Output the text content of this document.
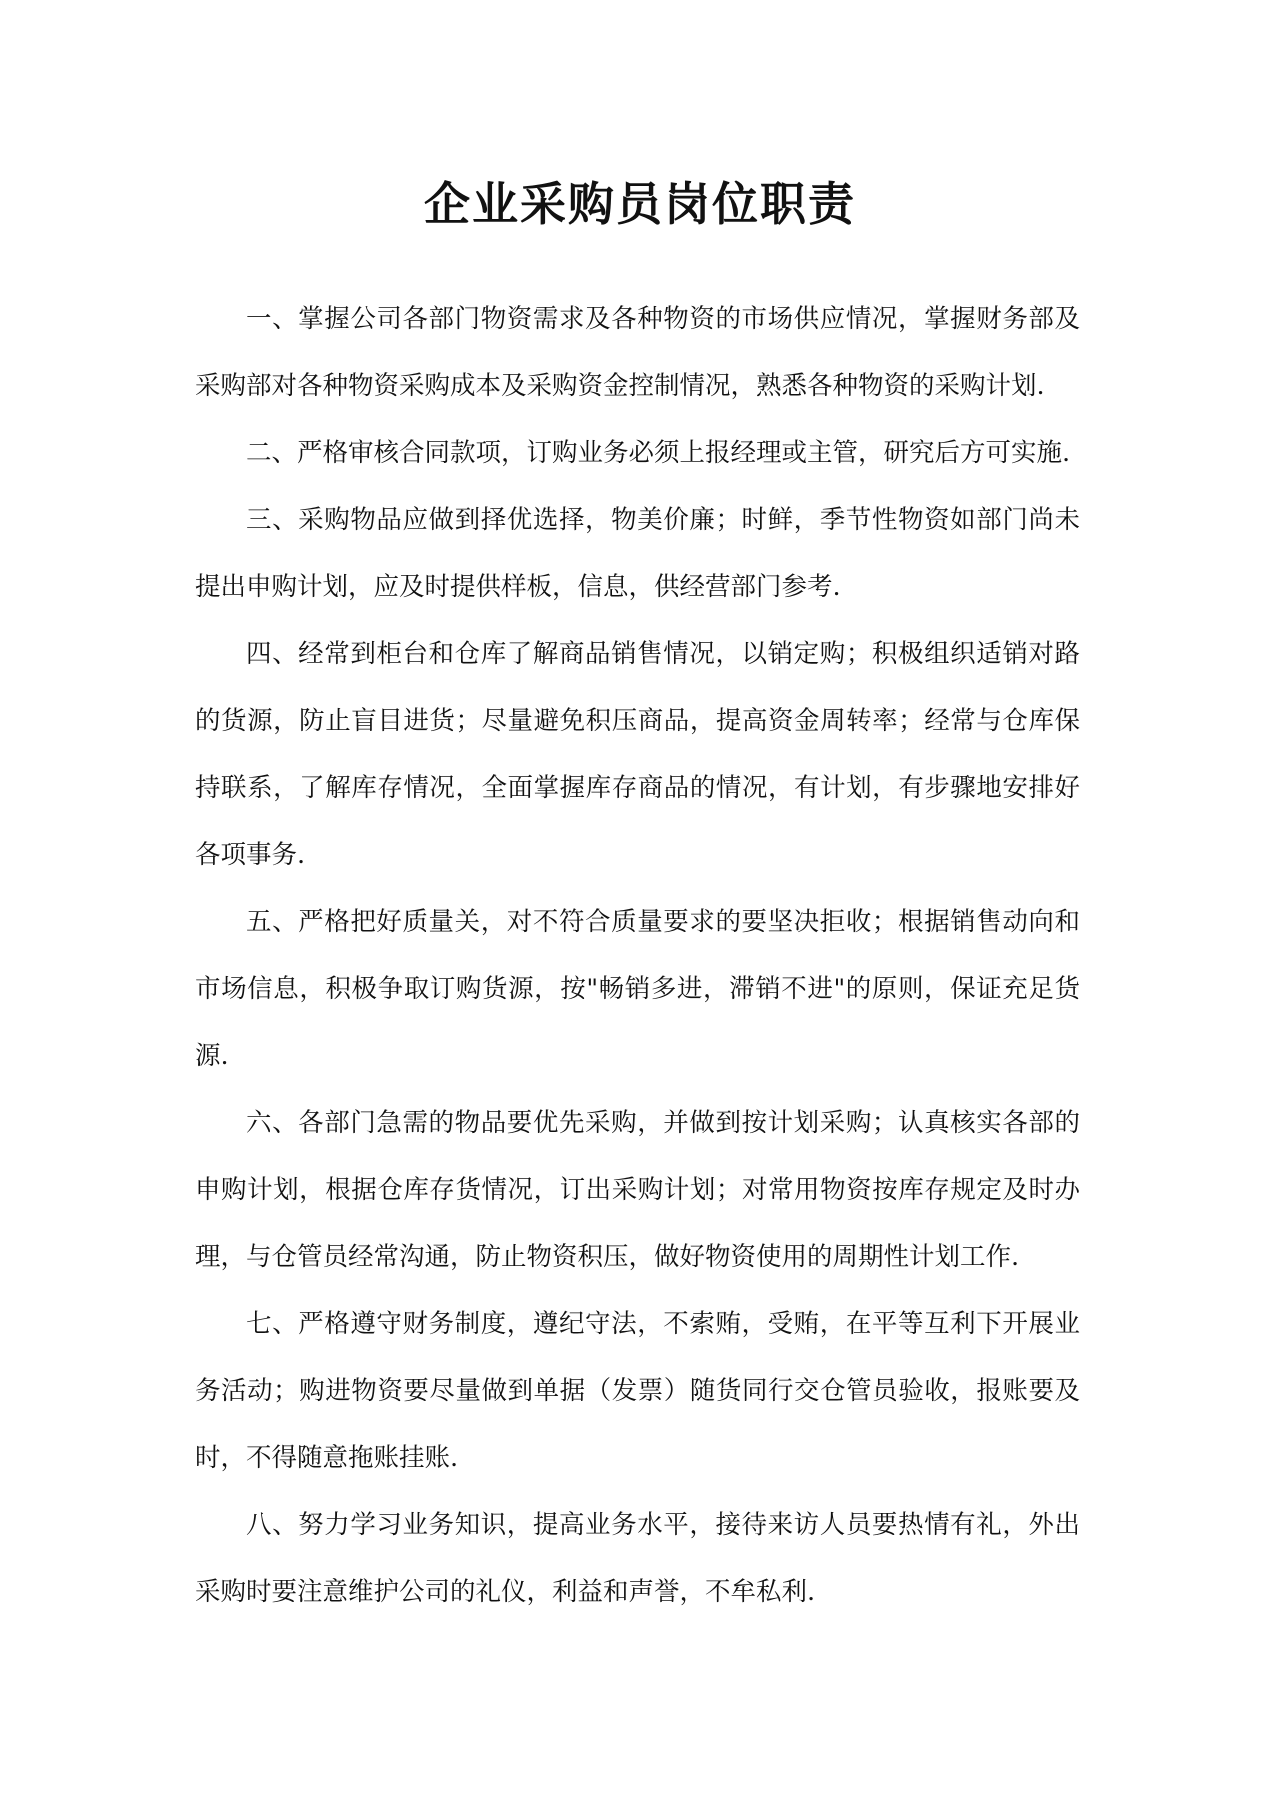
企业采购员岗位职责

一、掌握公司各部门物资需求及各种物资的市场供应情况，掌握财务部及采购部对各种物资采购成本及采购资金控制情况，熟悉各种物资的采购计划.

二、严格审核合同款项，订购业务必须上报经理或主管，研究后方可实施.

三、采购物品应做到择优选择，物美价廉；时鲜，季节性物资如部门尚未提出申购计划，应及时提供样板，信息，供经营部门参考.

四、经常到柜台和仓库了解商品销售情况，以销定购；积极组织适销对路的货源，防止盲目进货；尽量避免积压商品，提高资金周转率；经常与仓库保持联系，了解库存情况，全面掌握库存商品的情况，有计划，有步骤地安排好各项事务.

五、严格把好质量关，对不符合质量要求的要坚决拒收；根据销售动向和市场信息，积极争取订购货源，按"畅销多进，滞销不进"的原则，保证充足货源.

六、各部门急需的物品要优先采购，并做到按计划采购；认真核实各部的申购计划，根据仓库存货情况，订出采购计划；对常用物资按库存规定及时办理，与仓管员经常沟通，防止物资积压，做好物资使用的周期性计划工作.

七、严格遵守财务制度，遵纪守法，不索贿，受贿，在平等互利下开展业务活动；购进物资要尽量做到单据（发票）随货同行交仓管员验收，报账要及时，不得随意拖账挂账.

八、努力学习业务知识，提高业务水平，接待来访人员要热情有礼，外出采购时要注意维护公司的礼仪，利益和声誉，不牟私利.
